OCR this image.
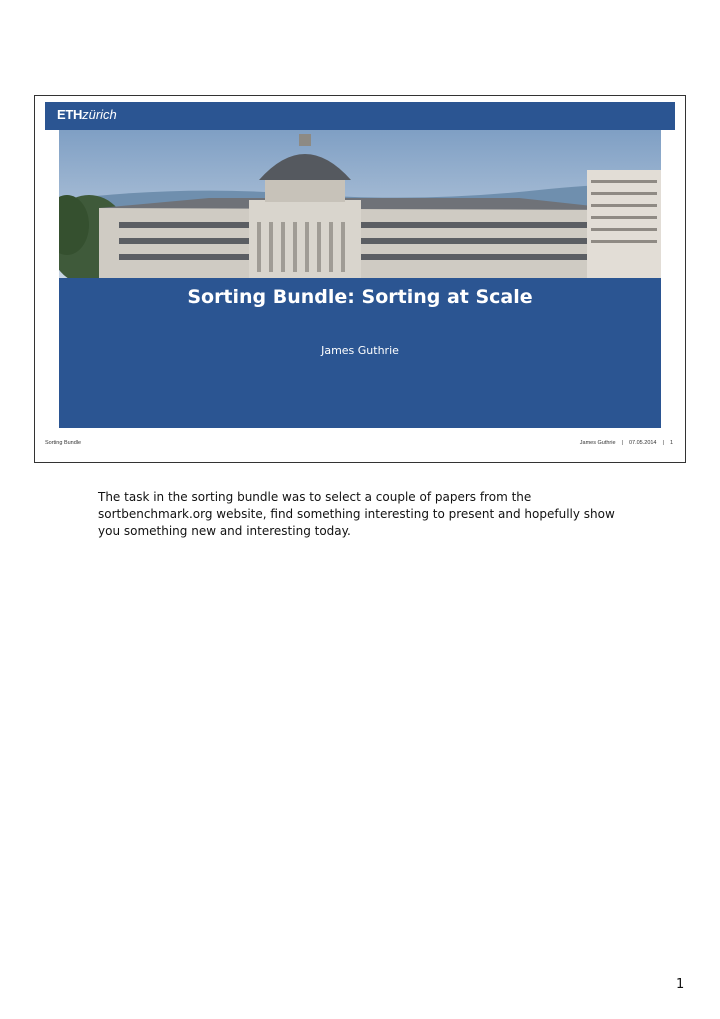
ETHzürich
Sorting Bundle: Sorting at Scale
James Guthrie
Sorting Bundle	James Guthrie | 07.05.2014 | 1
The task in the sorting bundle was to select a couple of papers from the sortbenchmark.org website, find something interesting to present and hopefully show you something new and interesting today.
1
